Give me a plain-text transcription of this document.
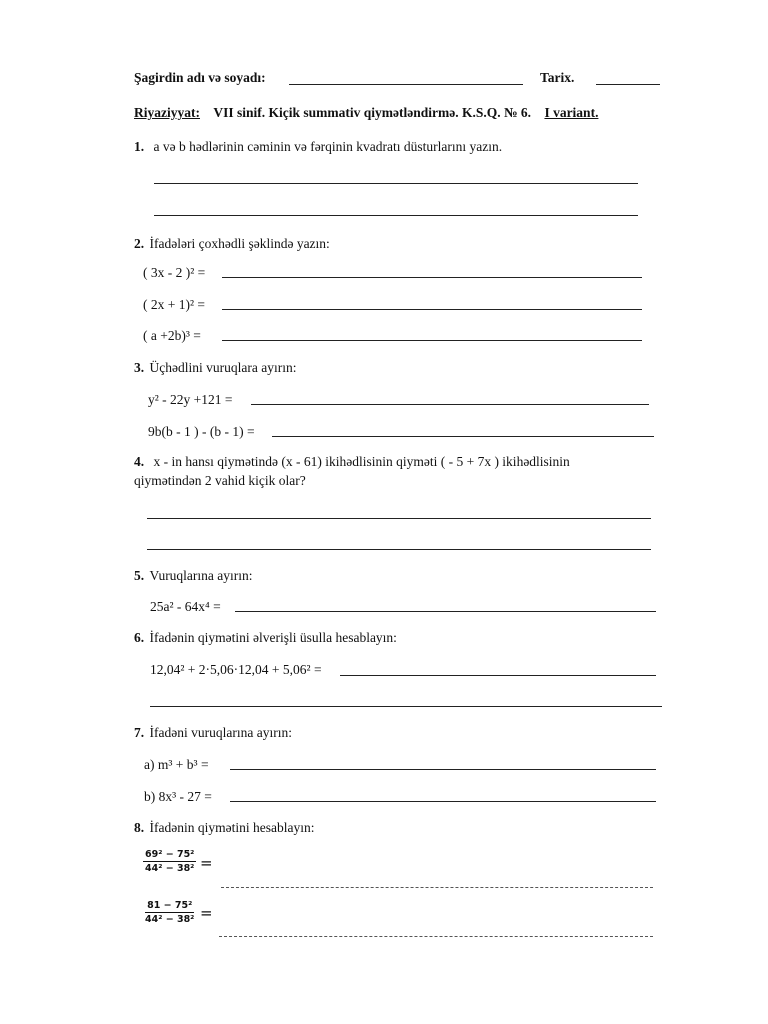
Şagirdin adı və soyadı:	Tarix.
Riyaziyyat: VII sinif. Kiçik summativ qiymətləndirmə. K.S.Q. № 6. I variant.
1. a və b hədlərinin cəminin və fərqinin kvadratı düsturlarını yazın.
2. İfadələri çoxhədli şəklində yazın:
( 3x - 2 )² =
( 2x + 1)² =
( a +2b)³ =
3. Üçhədlini vuruqlara ayırın:
y² - 22y +121 =
9b(b - 1 ) - (b - 1) =
4. x - in hansı qiymətində (x - 61) ikihədlisinin qiyməti ( - 5 + 7x ) ikihədlisinin
qiymətindən 2 vahid kiçik olar?
5. Vuruqlarına ayırın:
25a² - 64x⁴ =
6. İfadənin qiymətini əlverişli üsulla hesablayın:
12,04² + 2·5,06·12,04 + 5,06² =
7. İfadəni vuruqlarına ayırın:
a) m³ + b³ =
b) 8x³ - 27 =
8. İfadənin qiymətini hesablayın:
$\frac{\text{69² − 75²}}{\text{44² − 38²}}$ =
$\frac{\text{81 − 75²}}{\text{44² − 38²}}$ =
